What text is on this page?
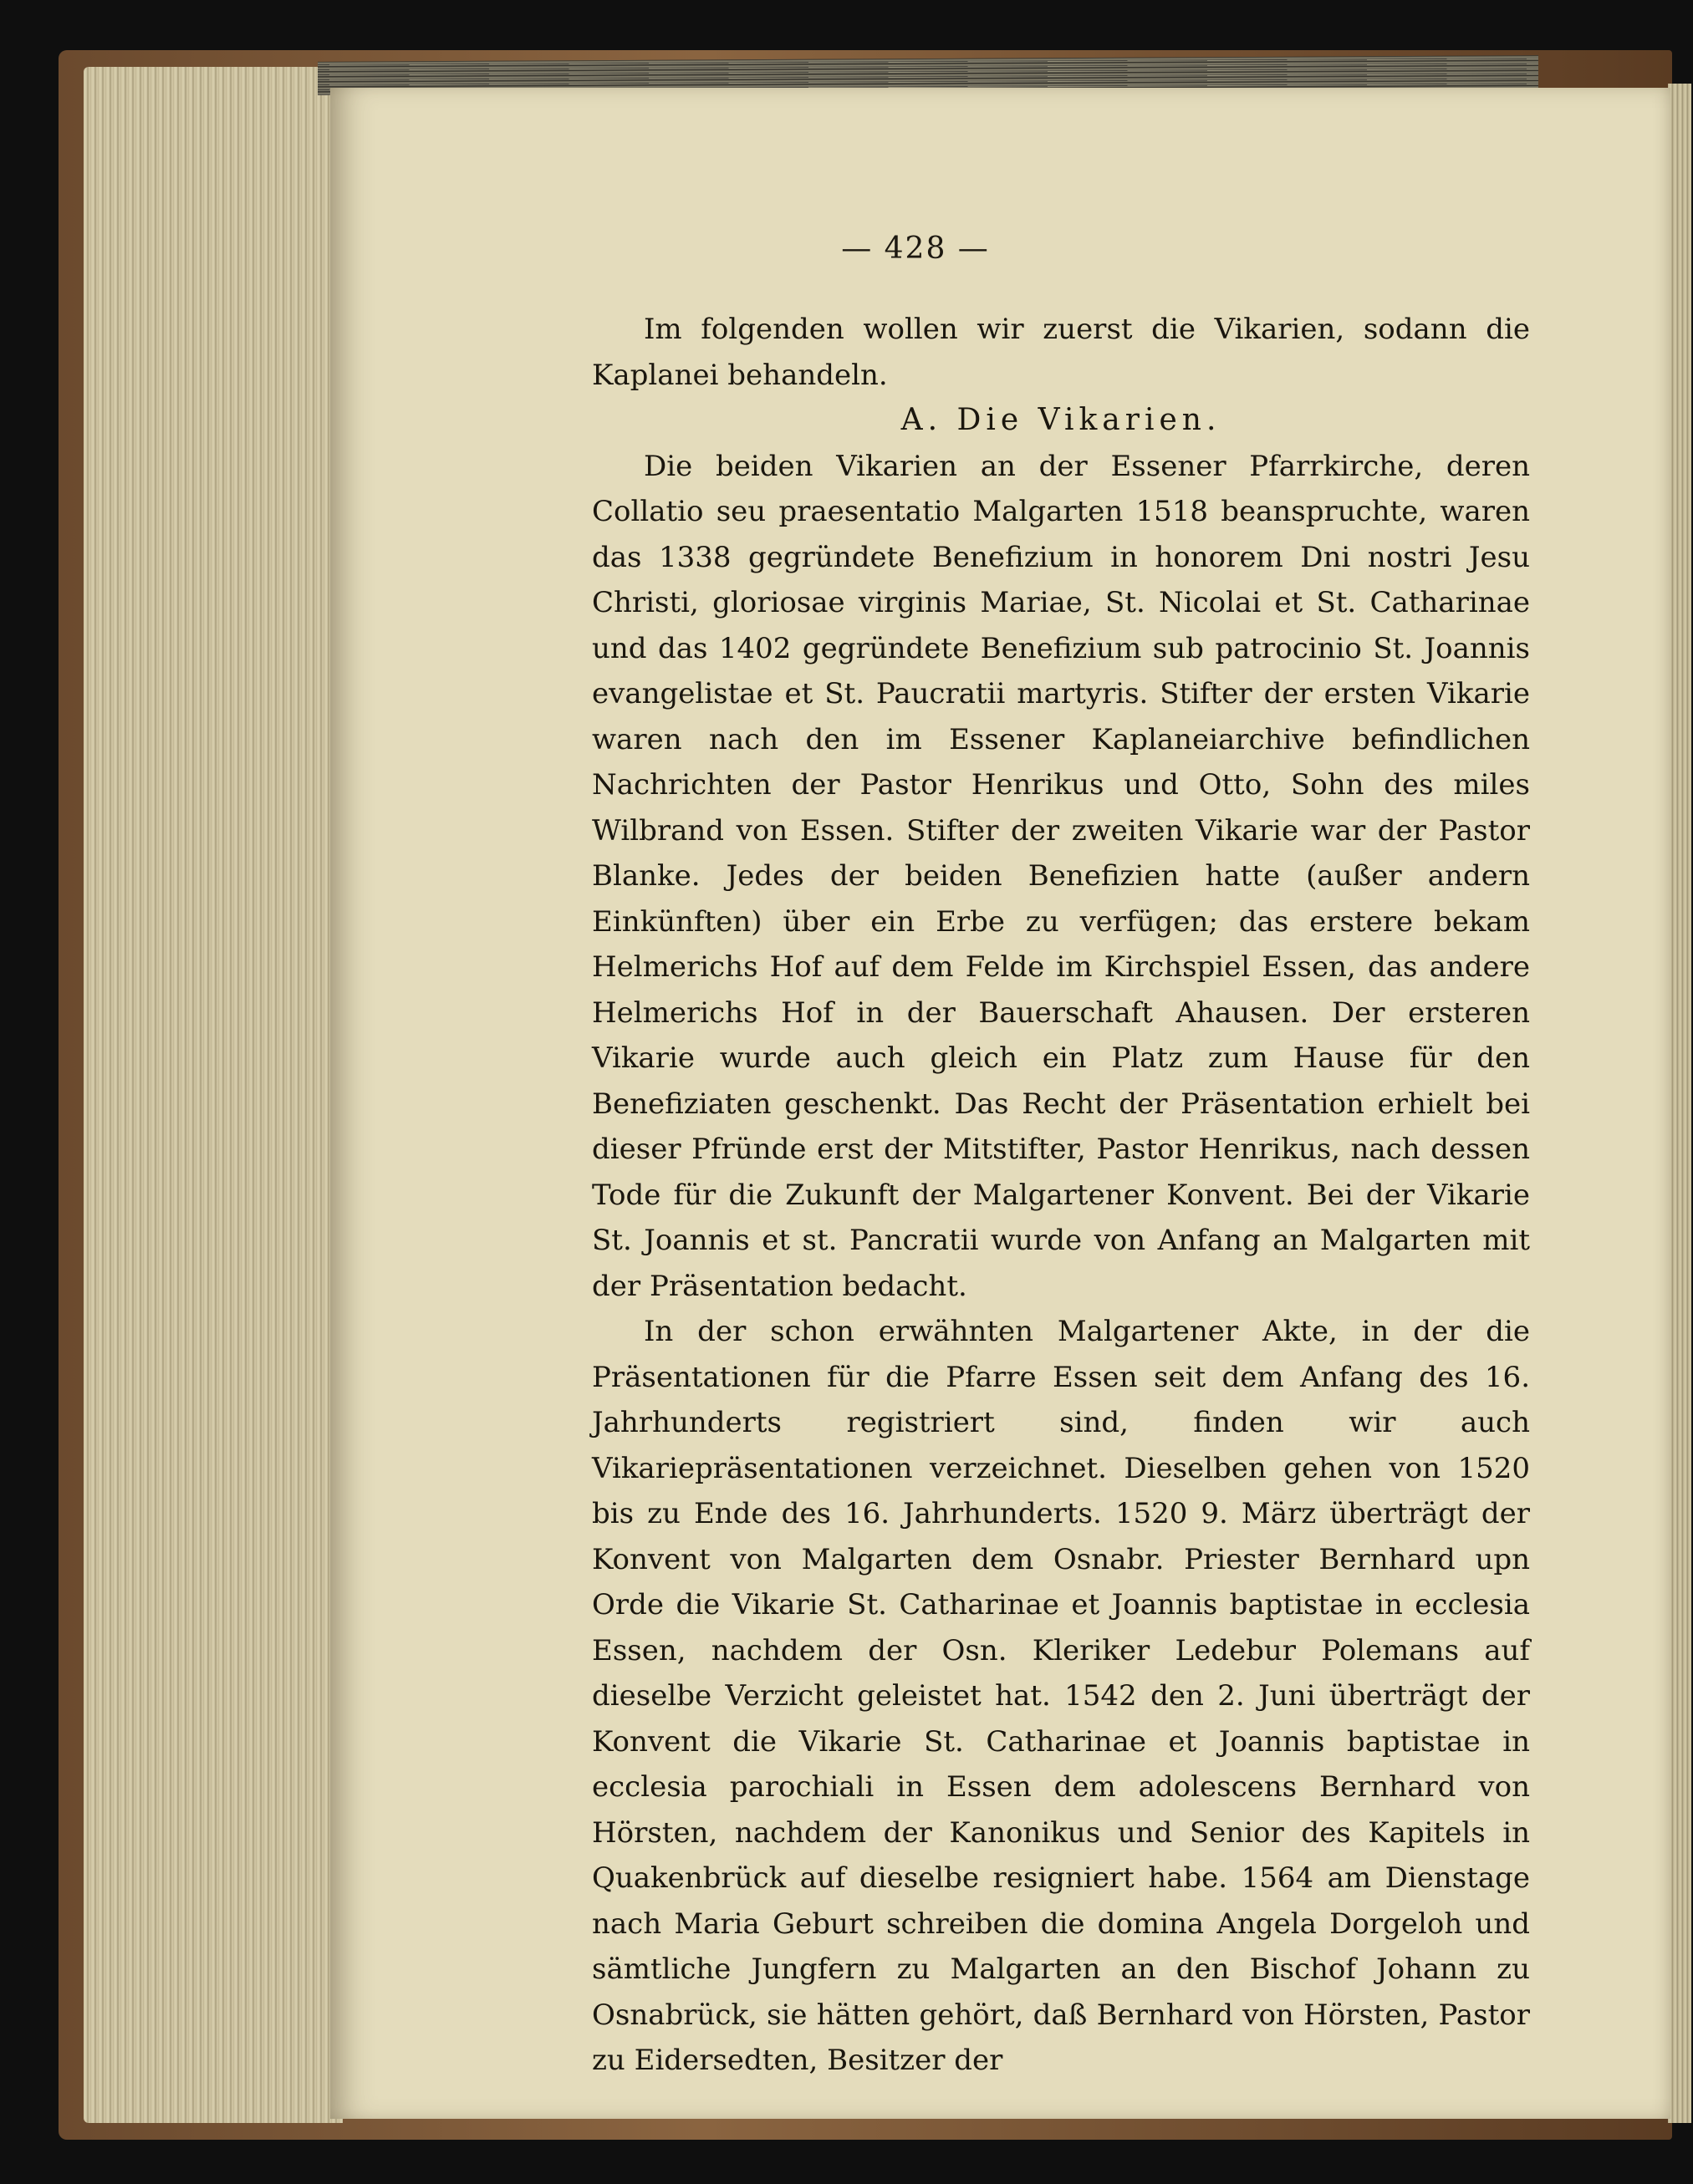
— 428 —

Im folgenden wollen wir zuerst die Vikarien, sodann die Kaplanei behandeln.

A. Die Vikarien.

Die beiden Vikarien an der Essener Pfarrkirche, deren Collatio seu praesentatio Malgarten 1518 beanspruchte, waren das 1338 gegründete Benefizium in honorem Dni nostri Jesu Christi, gloriosae virginis Mariae, St. Nicolai et St. Catharinae und das 1402 gegründete Benefizium sub patrocinio St. Joannis evangelistae et St. Paucratii martyris. Stifter der ersten Vikarie waren nach den im Essener Kaplaneiarchive befindlichen Nachrichten der Pastor Henrikus und Otto, Sohn des miles Wilbrand von Essen. Stifter der zweiten Vikarie war der Pastor Blanke. Jedes der beiden Benefizien hatte (außer andern Einkünften) über ein Erbe zu verfügen; das erstere bekam Helmerichs Hof auf dem Felde im Kirchspiel Essen, das andere Helmerichs Hof in der Bauerschaft Ahausen. Der ersteren Vikarie wurde auch gleich ein Platz zum Hause für den Benefiziaten geschenkt. Das Recht der Präsentation erhielt bei dieser Pfründe erst der Mitstifter, Pastor Henrikus, nach dessen Tode für die Zukunft der Malgartener Konvent. Bei der Vikarie St. Joannis et st. Pancratii wurde von Anfang an Malgarten mit der Präsentation bedacht.

In der schon erwähnten Malgartener Akte, in der die Präsentationen für die Pfarre Essen seit dem Anfang des 16. Jahrhunderts registriert sind, finden wir auch Vikariepräsentationen verzeichnet. Dieselben gehen von 1520 bis zu Ende des 16. Jahrhunderts. 1520 9. März überträgt der Konvent von Malgarten dem Osnabr. Priester Bernhard upn Orde die Vikarie St. Catharinae et Joannis baptistae in ecclesia Essen, nachdem der Osn. Kleriker Ledebur Polemans auf dieselbe Verzicht geleistet hat. 1542 den 2. Juni überträgt der Konvent die Vikarie St. Catharinae et Joannis baptistae in ecclesia parochiali in Essen dem adolescens Bernhard von Hörsten, nachdem der Kanonikus und Senior des Kapitels in Quakenbrück auf dieselbe resigniert habe. 1564 am Dienstage nach Maria Geburt schreiben die domina Angela Dorgeloh und sämtliche Jungfern zu Malgarten an den Bischof Johann zu Osnabrück, sie hätten gehört, daß Bernhard von Hörsten, Pastor zu Eidersedten, Besitzer der
